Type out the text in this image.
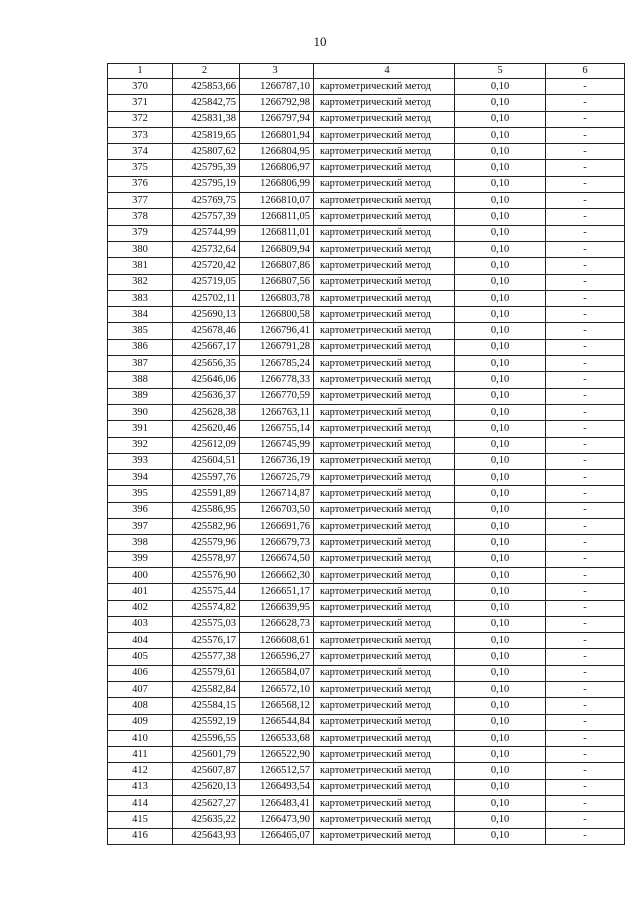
10
1	2	3	4	5	6
370	425853,66	1266787,10	картометрический метод	0,10	-
371	425842,75	1266792,98	картометрический метод	0,10	-
372	425831,38	1266797,94	картометрический метод	0,10	-
373	425819,65	1266801,94	картометрический метод	0,10	-
374	425807,62	1266804,95	картометрический метод	0,10	-
375	425795,39	1266806,97	картометрический метод	0,10	-
376	425795,19	1266806,99	картометрический метод	0,10	-
377	425769,75	1266810,07	картометрический метод	0,10	-
378	425757,39	1266811,05	картометрический метод	0,10	-
379	425744,99	1266811,01	картометрический метод	0,10	-
380	425732,64	1266809,94	картометрический метод	0,10	-
381	425720,42	1266807,86	картометрический метод	0,10	-
382	425719,05	1266807,56	картометрический метод	0,10	-
383	425702,11	1266803,78	картометрический метод	0,10	-
384	425690,13	1266800,58	картометрический метод	0,10	-
385	425678,46	1266796,41	картометрический метод	0,10	-
386	425667,17	1266791,28	картометрический метод	0,10	-
387	425656,35	1266785,24	картометрический метод	0,10	-
388	425646,06	1266778,33	картометрический метод	0,10	-
389	425636,37	1266770,59	картометрический метод	0,10	-
390	425628,38	1266763,11	картометрический метод	0,10	-
391	425620,46	1266755,14	картометрический метод	0,10	-
392	425612,09	1266745,99	картометрический метод	0,10	-
393	425604,51	1266736,19	картометрический метод	0,10	-
394	425597,76	1266725,79	картометрический метод	0,10	-
395	425591,89	1266714,87	картометрический метод	0,10	-
396	425586,95	1266703,50	картометрический метод	0,10	-
397	425582,96	1266691,76	картометрический метод	0,10	-
398	425579,96	1266679,73	картометрический метод	0,10	-
399	425578,97	1266674,50	картометрический метод	0,10	-
400	425576,90	1266662,30	картометрический метод	0,10	-
401	425575,44	1266651,17	картометрический метод	0,10	-
402	425574,82	1266639,95	картометрический метод	0,10	-
403	425575,03	1266628,73	картометрический метод	0,10	-
404	425576,17	1266608,61	картометрический метод	0,10	-
405	425577,38	1266596,27	картометрический метод	0,10	-
406	425579,61	1266584,07	картометрический метод	0,10	-
407	425582,84	1266572,10	картометрический метод	0,10	-
408	425584,15	1266568,12	картометрический метод	0,10	-
409	425592,19	1266544,84	картометрический метод	0,10	-
410	425596,55	1266533,68	картометрический метод	0,10	-
411	425601,79	1266522,90	картометрический метод	0,10	-
412	425607,87	1266512,57	картометрический метод	0,10	-
413	425620,13	1266493,54	картометрический метод	0,10	-
414	425627,27	1266483,41	картометрический метод	0,10	-
415	425635,22	1266473,90	картометрический метод	0,10	-
416	425643,93	1266465,07	картометрический метод	0,10	-
